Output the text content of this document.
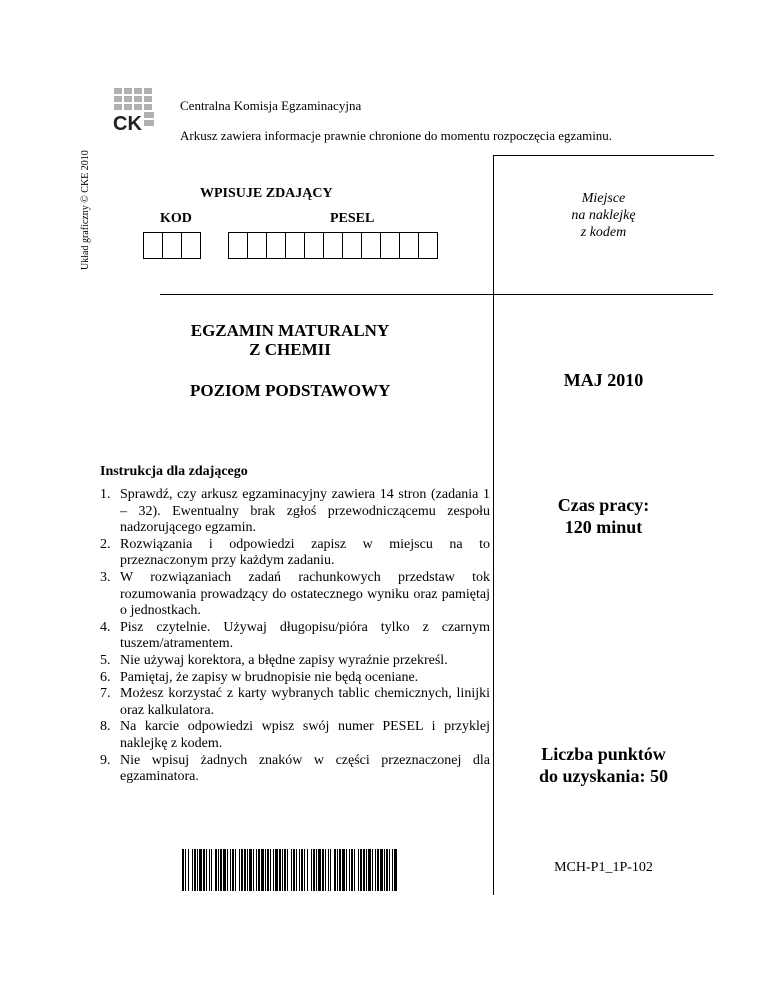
CK
Układ graficzny © CKE 2010
Centralna Komisja Egzaminacyjna
Arkusz zawiera informacje prawnie chronione do momentu rozpoczęcia egzaminu.
Miejsce
na naklejkę
z kodem
WPISUJE ZDAJĄCY
KOD	PESEL
EGZAMIN MATURALNY
Z CHEMII
POZIOM PODSTAWOWY
MAJ 2010
Instrukcja dla zdającego
1. Sprawdź, czy arkusz egzaminacyjny zawiera 14 stron (zadania 1 – 32). Ewentualny brak zgłoś przewodniczącemu zespołu nadzorującego egzamin.
2. Rozwiązania i odpowiedzi zapisz w miejscu na to przeznaczonym przy każdym zadaniu.
3. W rozwiązaniach zadań rachunkowych przedstaw tok rozumowania prowadzący do ostatecznego wyniku oraz pamiętaj o jednostkach.
4. Pisz czytelnie. Używaj długopisu/pióra tylko z czarnym tuszem/atramentem.
5. Nie używaj korektora, a błędne zapisy wyraźnie przekreśl.
6. Pamiętaj, że zapisy w brudnopisie nie będą oceniane.
7. Możesz korzystać z karty wybranych tablic chemicznych, linijki oraz kalkulatora.
8. Na karcie odpowiedzi wpisz swój numer PESEL i przyklej naklejkę z kodem.
9. Nie wpisuj żadnych znaków w części przeznaczonej dla egzaminatora.
Czas pracy:
120 minut
Liczba punktów
do uzyskania: 50
MCH-P1_1P-102
